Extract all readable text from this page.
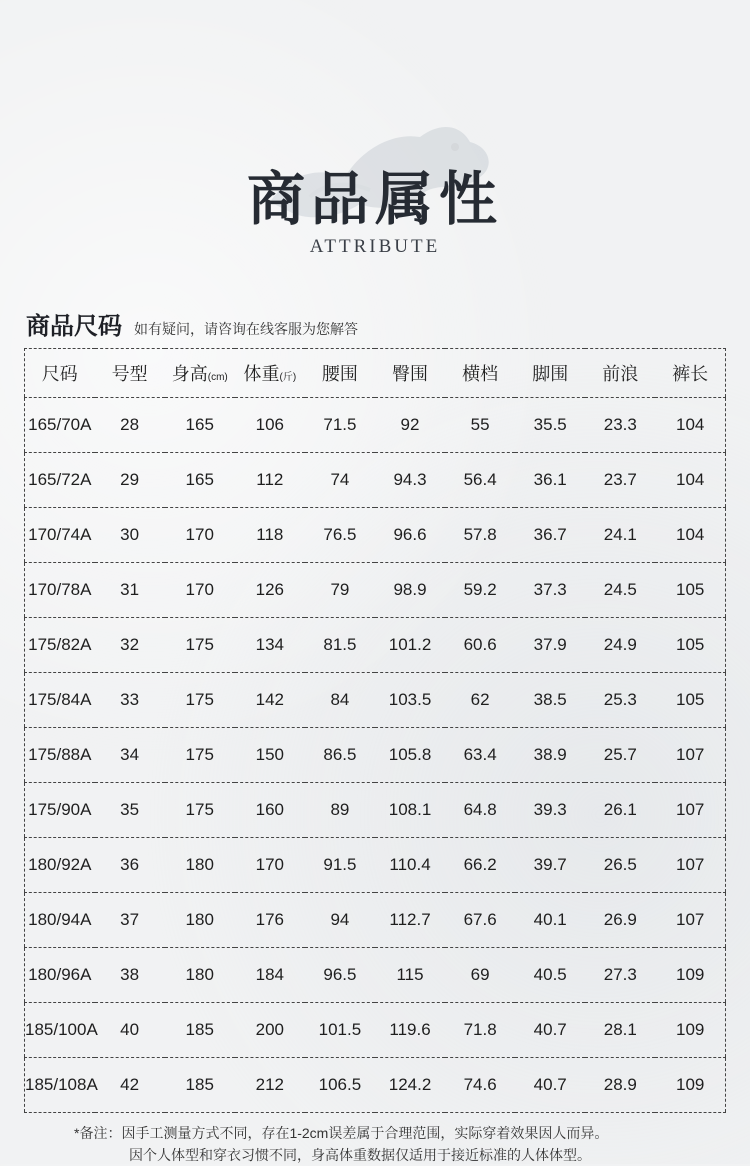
商品属性
ATTRIBUTE
商品尺码 如有疑问，请咨询在线客服为您解答
尺码	号型	身高(cm)	体重(斤)	腰围	臀围	横档	脚围	前浪	裤长
165/70A	28	165	106	71.5	92	55	35.5	23.3	104
165/72A	29	165	112	74	94.3	56.4	36.1	23.7	104
170/74A	30	170	118	76.5	96.6	57.8	36.7	24.1	104
170/78A	31	170	126	79	98.9	59.2	37.3	24.5	105
175/82A	32	175	134	81.5	101.2	60.6	37.9	24.9	105
175/84A	33	175	142	84	103.5	62	38.5	25.3	105
175/88A	34	175	150	86.5	105.8	63.4	38.9	25.7	107
175/90A	35	175	160	89	108.1	64.8	39.3	26.1	107
180/92A	36	180	170	91.5	110.4	66.2	39.7	26.5	107
180/94A	37	180	176	94	112.7	67.6	40.1	26.9	107
180/96A	38	180	184	96.5	115	69	40.5	27.3	109
185/100A	40	185	200	101.5	119.6	71.8	40.7	28.1	109
185/108A	42	185	212	106.5	124.2	74.6	40.7	28.9	109
*备注：因手工测量方式不同，存在1-2cm误差属于合理范围，实际穿着效果因人而异。
因个人体型和穿衣习惯不同，身高体重数据仅适用于接近标准的人体体型。
